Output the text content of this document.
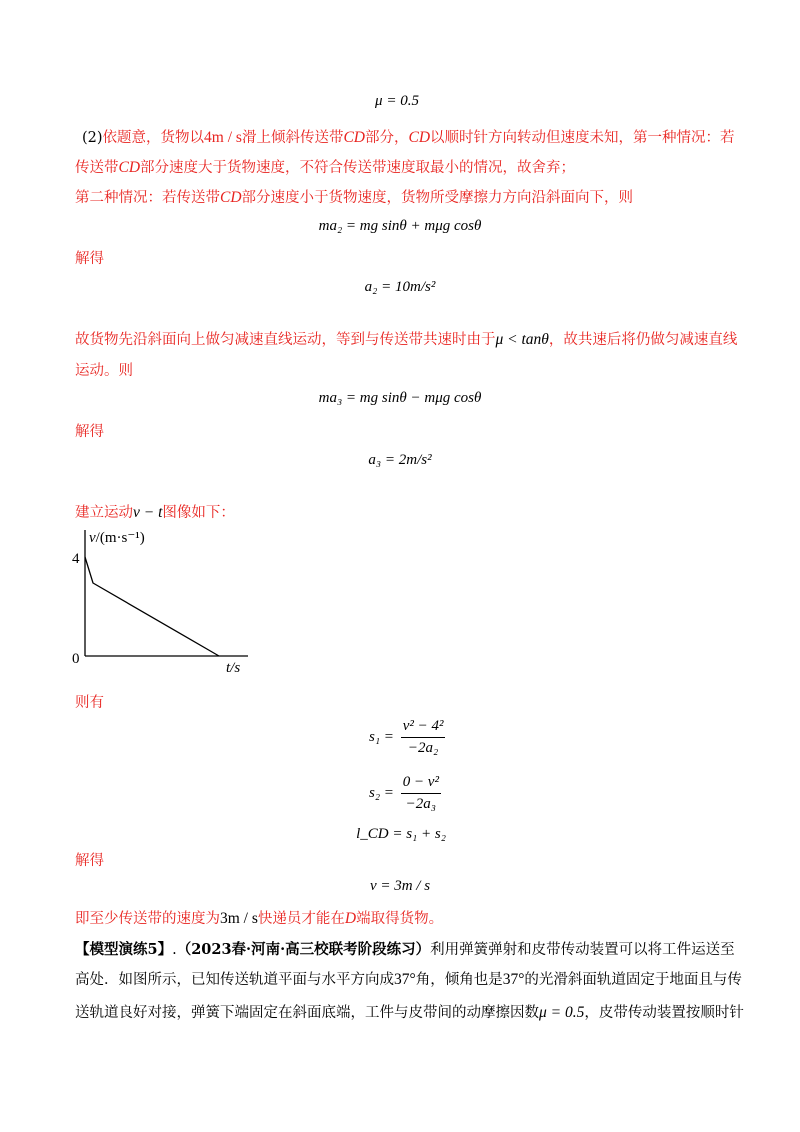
μ = 0.5
(2)依题意，货物以4m / s滑上倾斜传送带CD部分，CD以顺时针方向转动但速度未知，第一种情况：若
传送带CD部分速度大于货物速度，不符合传送带速度取最小的情况，故舍弃；
第二种情况：若传送带CD部分速度小于货物速度，货物所受摩擦力方向沿斜面向下，则
ma₂ = mg sinθ + mμg cosθ
解得
a₂ = 10m/s²
故货物先沿斜面向上做匀减速直线运动，等到与传送带共速时由于μ < tanθ，故共速后将仍做匀减速直线
运动。则
ma₃ = mg sinθ − mμg cosθ
解得
a₃ = 2m/s²
建立运动v − t图像如下：
v/(m·s⁻¹)
4
0
t/s
则有
$s_1 = \frac{\text{v² − 4²}}{\text{−2a₂}}$
$s_2 = \frac{\text{0 − v²}}{\text{−2a₃}}$
l_CD = s₁ + s₂
解得
v = 3m / s
即至少传送带的速度为3m / s快递员才能在D端取得货物。
【模型演练5】.（2023春·河南·高三校联考阶段练习）利用弹簧弹射和皮带传动装置可以将工件运送至
高处．如图所示，已知传送轨道平面与水平方向成37°角，倾角也是37°的光滑斜面轨道固定于地面且与传
送轨道良好对接，弹簧下端固定在斜面底端，工件与皮带间的动摩擦因数μ = 0.5，皮带传动装置按顺时针
